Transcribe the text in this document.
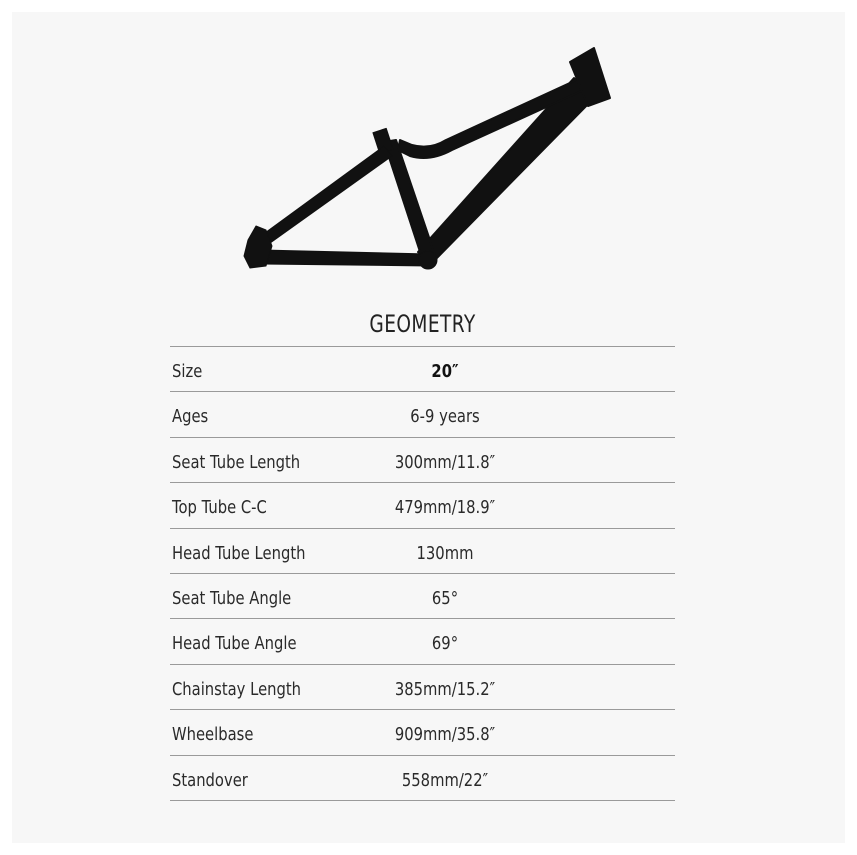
GEOMETRY
Size	20″
Ages	6-9 years
Seat Tube Length	300mm/11.8″
Top Tube C-C	479mm/18.9″
Head Tube Length	130mm
Seat Tube Angle	65°
Head Tube Angle	69°
Chainstay Length	385mm/15.2″
Wheelbase	909mm/35.8″
Standover	558mm/22″
